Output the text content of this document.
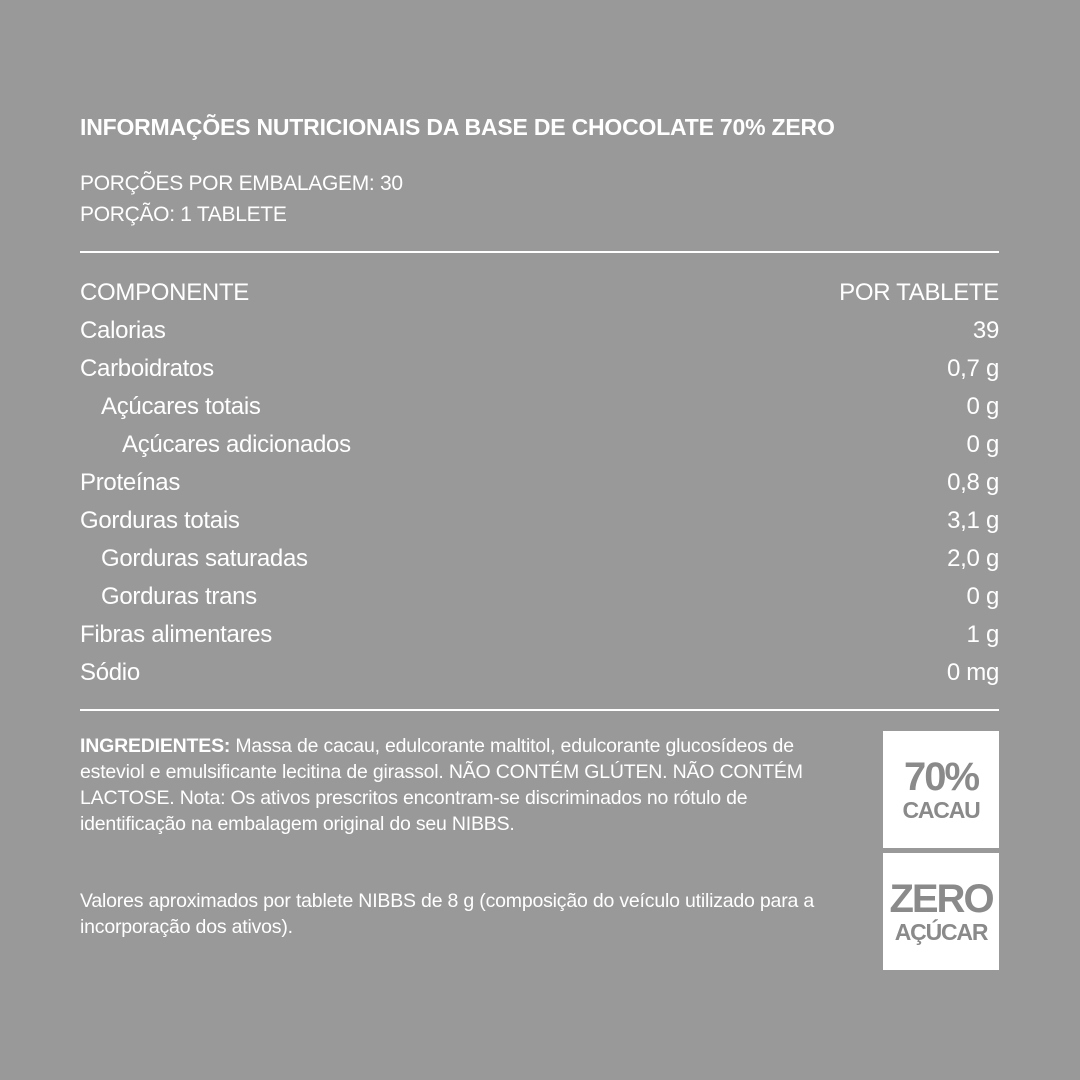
INFORMAÇÕES NUTRICIONAIS DA BASE DE CHOCOLATE 70% ZERO
PORÇÕES POR EMBALAGEM: 30
PORÇÃO: 1 TABLETE
COMPONENTE	POR TABLETE
Calorias	39
Carboidratos	0,7 g
Açúcares totais	0 g
Açúcares adicionados	0 g
Proteínas	0,8 g
Gorduras totais	3,1 g
Gorduras saturadas	2,0 g
Gorduras trans	0 g
Fibras alimentares	1 g
Sódio	0 mg
INGREDIENTES: Massa de cacau, edulcorante maltitol, edulcorante glucosídeos de esteviol e emulsificante lecitina de girassol. NÃO CONTÉM GLÚTEN. NÃO CONTÉM LACTOSE. Nota: Os ativos prescritos encontram-se discriminados no rótulo de identificação na embalagem original do seu NIBBS.
Valores aproximados por tablete NIBBS de 8 g (composição do veículo utilizado para a incorporação dos ativos).
70%
CACAU
ZERO
AÇÚCAR
